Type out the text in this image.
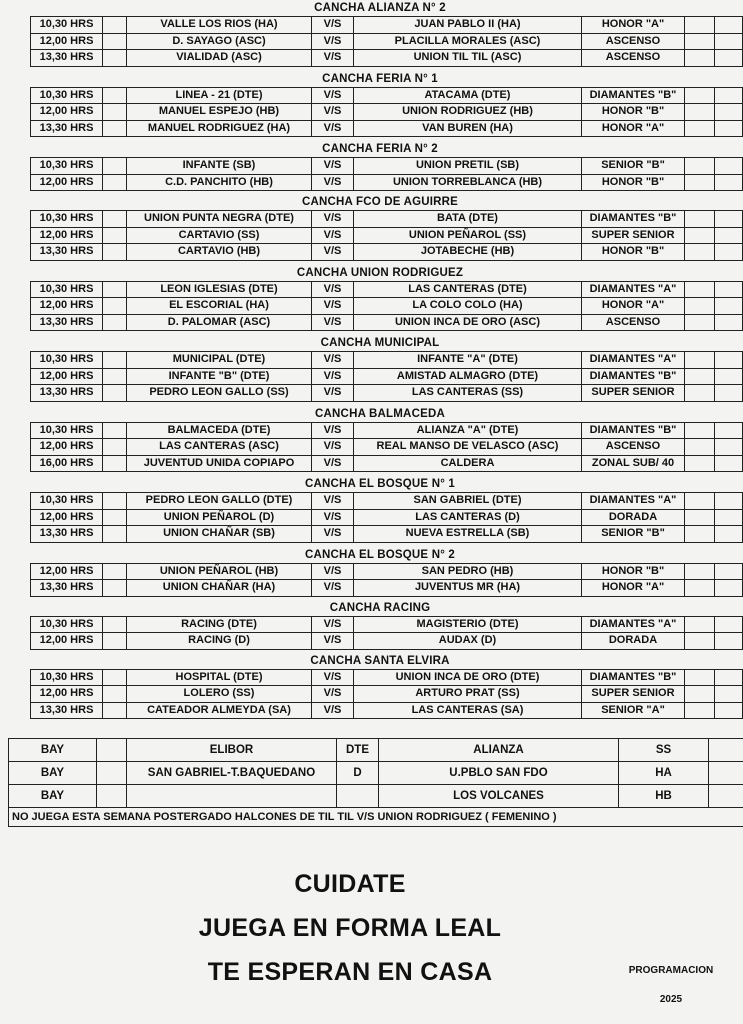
CANCHA ALIANZA N° 2
10,30 HRS		VALLE LOS RIOS (HA)	V/S	JUAN PABLO II (HA)	HONOR "A"		
12,00 HRS		D. SAYAGO (ASC)	V/S	PLACILLA MORALES (ASC)	ASCENSO		
13,30 HRS		VIALIDAD (ASC)	V/S	UNION TIL TIL (ASC)	ASCENSO		
CANCHA FERIA N° 1
10,30 HRS		LINEA - 21 (DTE)	V/S	ATACAMA (DTE)	DIAMANTES "B"		
12,00 HRS		MANUEL ESPEJO (HB)	V/S	UNION RODRIGUEZ (HB)	HONOR "B"		
13,30 HRS		MANUEL RODRIGUEZ (HA)	V/S	VAN BUREN (HA)	HONOR "A"		
CANCHA FERIA N° 2
10,30 HRS		INFANTE (SB)	V/S	UNION PRETIL (SB)	SENIOR "B"		
12,00 HRS		C.D. PANCHITO (HB)	V/S	UNION TORREBLANCA (HB)	HONOR "B"		
CANCHA FCO DE AGUIRRE
10,30 HRS		UNION PUNTA NEGRA (DTE)	V/S	BATA (DTE)	DIAMANTES "B"		
12,00 HRS		CARTAVIO (SS)	V/S	UNION PEÑAROL (SS)	SUPER SENIOR		
13,30 HRS		CARTAVIO (HB)	V/S	JOTABECHE (HB)	HONOR "B"		
CANCHA UNION RODRIGUEZ
10,30 HRS		LEON IGLESIAS (DTE)	V/S	LAS CANTERAS (DTE)	DIAMANTES "A"		
12,00 HRS		EL ESCORIAL (HA)	V/S	LA COLO COLO (HA)	HONOR "A"		
13,30 HRS		D. PALOMAR (ASC)	V/S	UNION INCA DE ORO (ASC)	ASCENSO		
CANCHA MUNICIPAL
10,30 HRS		MUNICIPAL (DTE)	V/S	INFANTE "A" (DTE)	DIAMANTES "A"		
12,00 HRS		INFANTE "B" (DTE)	V/S	AMISTAD ALMAGRO (DTE)	DIAMANTES "B"		
13,30 HRS		PEDRO LEON GALLO (SS)	V/S	LAS CANTERAS (SS)	SUPER SENIOR		
CANCHA BALMACEDA
10,30 HRS		BALMACEDA (DTE)	V/S	ALIANZA "A" (DTE)	DIAMANTES "B"		
12,00 HRS		LAS CANTERAS (ASC)	V/S	REAL MANSO DE VELASCO (ASC)	ASCENSO		
16,00 HRS		JUVENTUD UNIDA COPIAPO	V/S	CALDERA	ZONAL SUB/ 40		
CANCHA EL BOSQUE N° 1
10,30 HRS		PEDRO LEON GALLO (DTE)	V/S	SAN GABRIEL (DTE)	DIAMANTES "A"		
12,00 HRS		UNION PEÑAROL (D)	V/S	LAS CANTERAS (D)	DORADA		
13,30 HRS		UNION CHAÑAR (SB)	V/S	NUEVA ESTRELLA (SB)	SENIOR "B"		
CANCHA EL BOSQUE N° 2
12,00 HRS		UNION PEÑAROL (HB)	V/S	SAN PEDRO (HB)	HONOR "B"		
13,30 HRS		UNION CHAÑAR (HA)	V/S	JUVENTUS MR (HA)	HONOR "A"		
CANCHA RACING
10,30 HRS		RACING (DTE)	V/S	MAGISTERIO (DTE)	DIAMANTES "A"		
12,00 HRS		RACING (D)	V/S	AUDAX (D)	DORADA		
CANCHA SANTA ELVIRA
10,30 HRS		HOSPITAL (DTE)	V/S	UNION INCA DE ORO (DTE)	DIAMANTES "B"		
12,00 HRS		LOLERO (SS)	V/S	ARTURO PRAT (SS)	SUPER SENIOR		
13,30 HRS		CATEADOR ALMEYDA (SA)	V/S	LAS CANTERAS (SA)	SENIOR "A"		
BAY		ELIBOR	DTE	ALIANZA	SS	
BAY		SAN GABRIEL-T.BAQUEDANO	D	U.PBLO SAN FDO	HA	
BAY				LOS VOLCANES	HB	
NO JUEGA ESTA SEMANA POSTERGADO HALCONES DE TIL TIL V/S UNION RODRIGUEZ ( FEMENINO )						
CUIDATE
JUEGA EN FORMA LEAL
TE ESPERAN EN CASA	PROGRAMACION
2025
